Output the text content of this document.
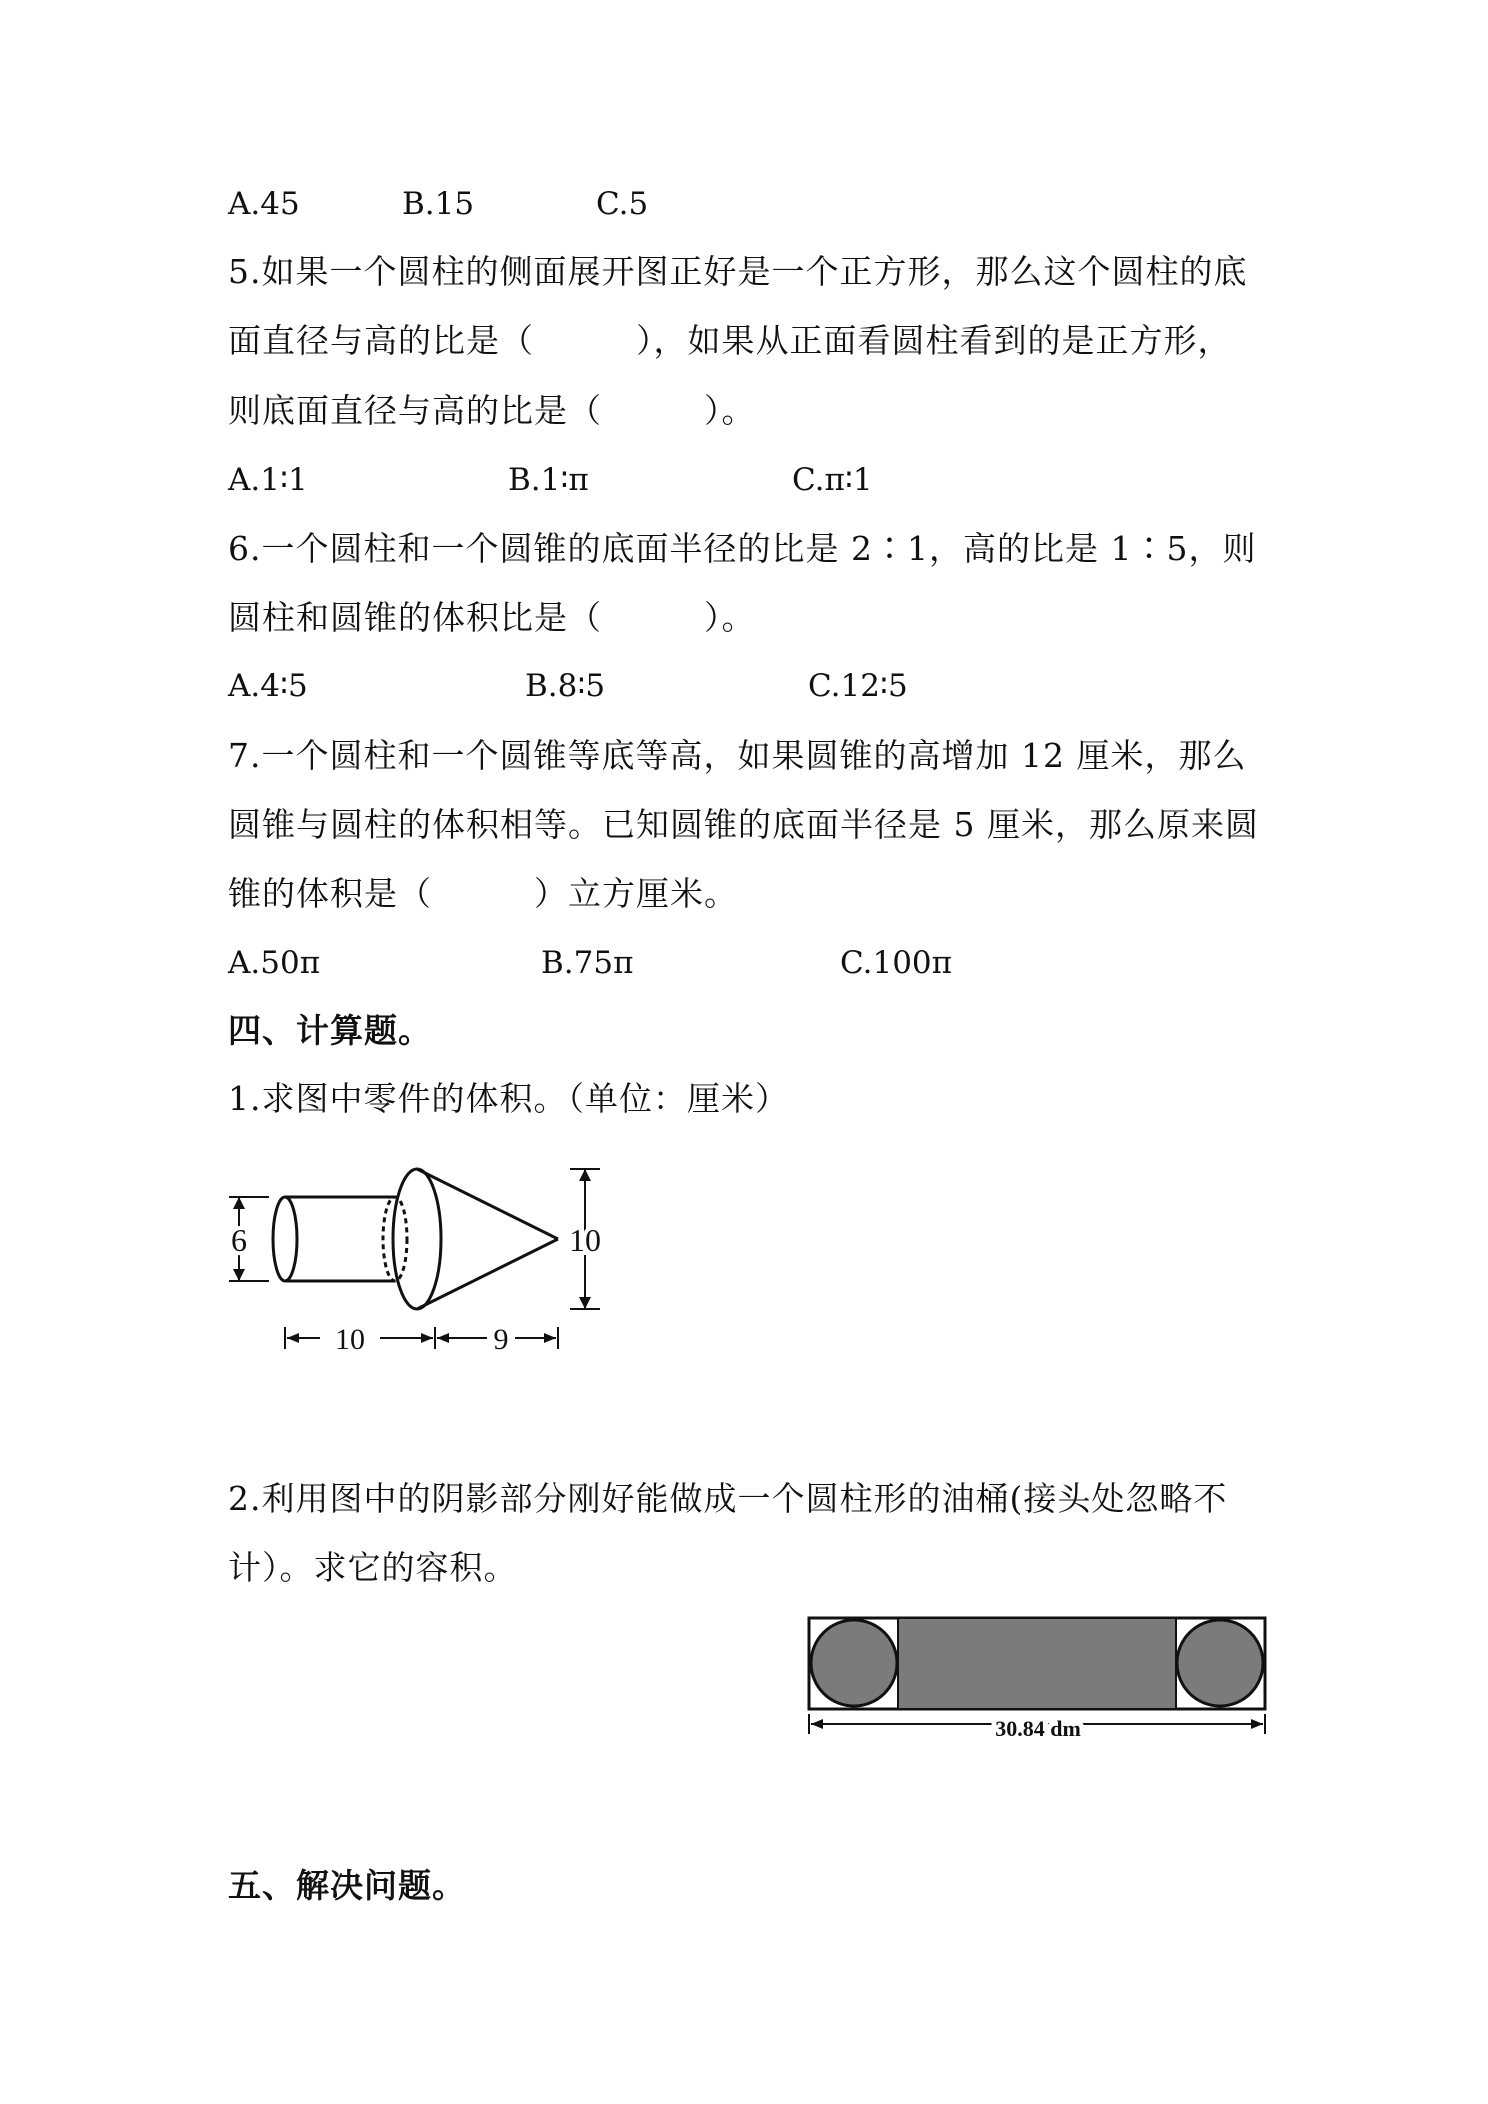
A.45	B.15	C.5
5.如果一个圆柱的侧面展开图正好是一个正方形，那么这个圆柱的底
面直径与高的比是（　　　），如果从正面看圆柱看到的是正方形，
则底面直径与高的比是（　　　）。
A.1∶1	B.1∶π	C.π∶1
6.一个圆柱和一个圆锥的底面半径的比是 2∶1，高的比是 1∶5，则
圆柱和圆锥的体积比是（　　　）。
A.4∶5	B.8∶5	C.12∶5
7.一个圆柱和一个圆锥等底等高，如果圆锥的高增加 12 厘米，那么
圆锥与圆柱的体积相等。已知圆锥的底面半径是 5 厘米，那么原来圆
锥的体积是（　　　）立方厘米。
A.50π	B.75π	C.100π
四、计算题。
1.求图中零件的体积。（单位：厘米）
6	10
10	9
2.利用图中的阴影部分刚好能做成一个圆柱形的油桶(接头处忽略不
计）。求它的容积。
30.84 dm
五、解决问题。
